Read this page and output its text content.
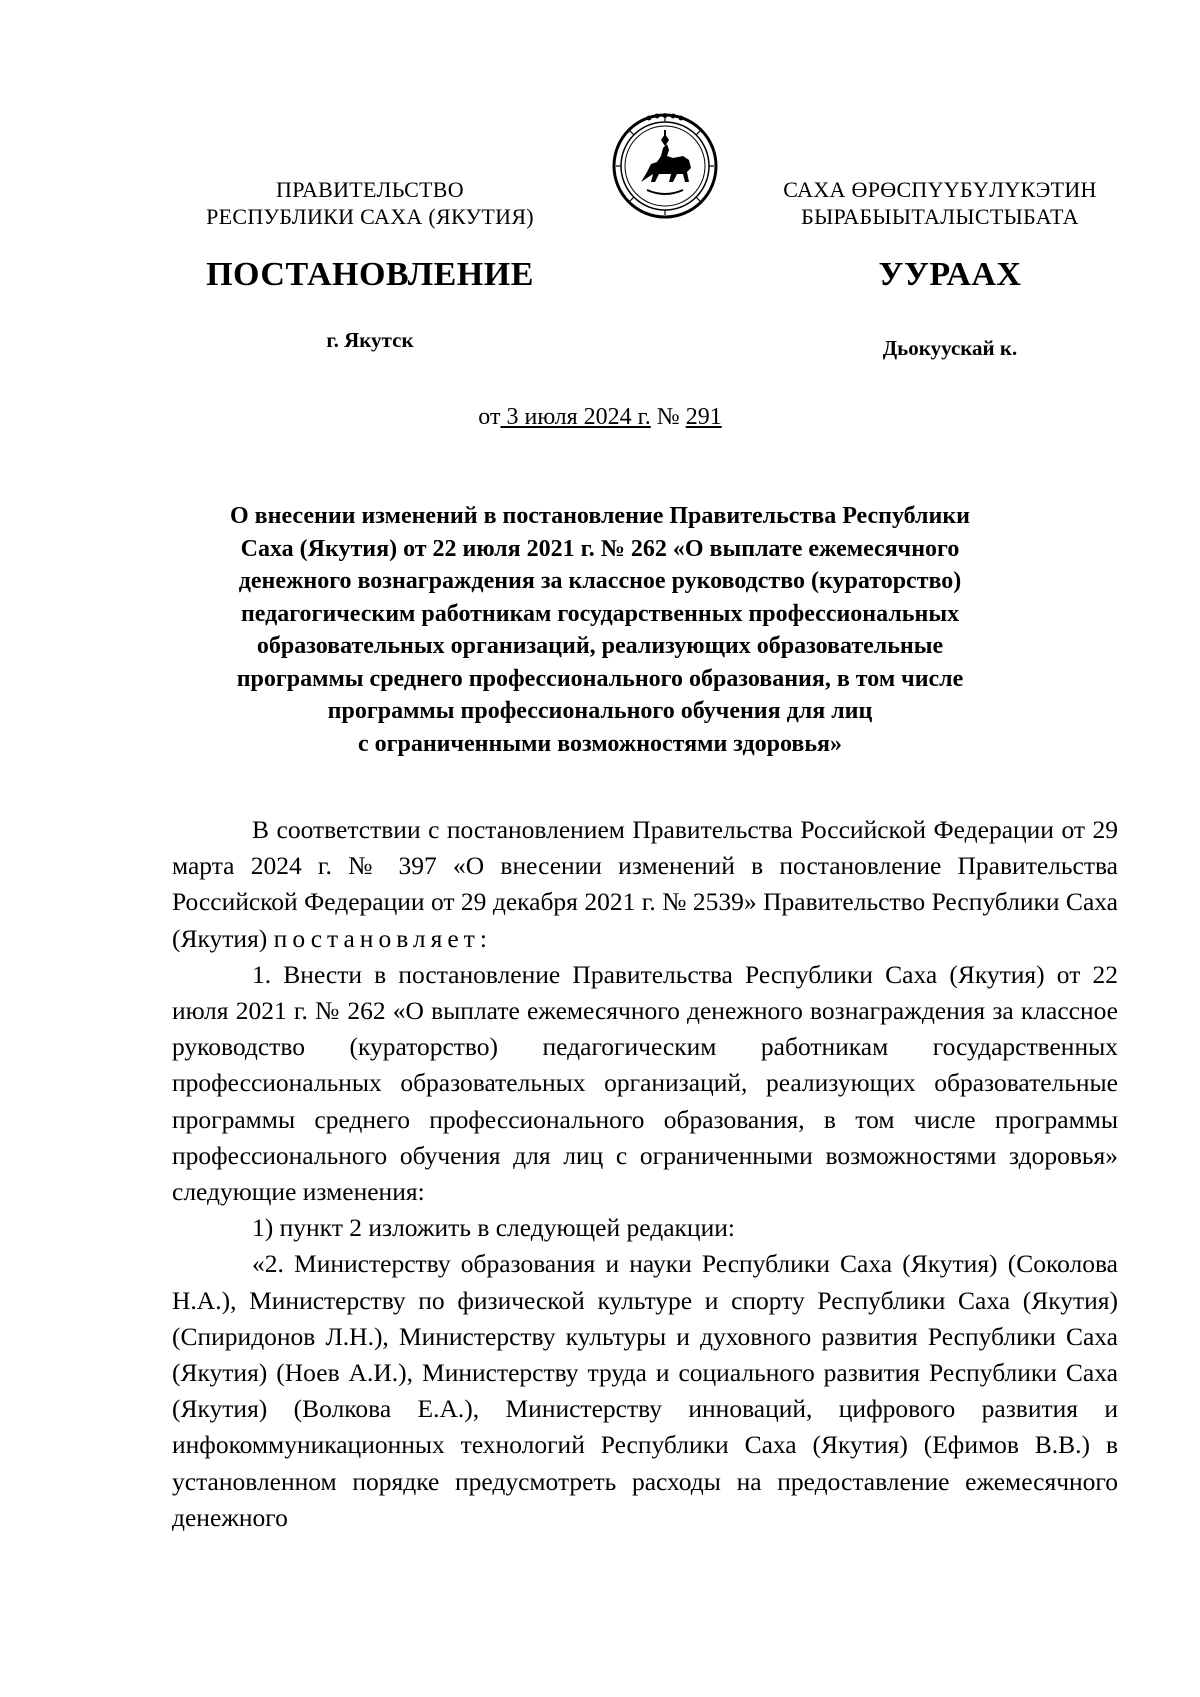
ПРАВИТЕЛЬСТВО
РЕСПУБЛИКИ САХА (ЯКУТИЯ)
САХА ӨРӨСПҮҮБҮЛҮКЭТИН
БЫРАБЫЫТАЛЫСТЫБАТА
ПОСТАНОВЛЕНИЕ	УУРААХ
г. Якутск	Дьокуускай к.
от 3 июля 2024 г. № 291
О внесении изменений в постановление Правительства Республики
Саха (Якутия) от 22 июля 2021 г. № 262 «О выплате ежемесячного
денежного вознаграждения за классное руководство (кураторство)
педагогическим работникам государственных профессиональных
образовательных организаций, реализующих образовательные
программы среднего профессионального образования, в том числе
программы профессионального обучения для лиц
с ограниченными возможностями здоровья»

В соответствии с постановлением Правительства Российской Федерации от 29 марта 2024 г. № 397 «О внесении изменений в постановление Правительства Российской Федерации от 29 декабря 2021 г. № 2539» Правительство Республики Саха (Якутия) постановляет:

1. Внести в постановление Правительства Республики Саха (Якутия) от 22 июля 2021 г. № 262 «О выплате ежемесячного денежного вознаграждения за классное руководство (кураторство) педагогическим работникам государственных профессиональных образовательных организаций, реализующих образовательные программы среднего профессионального образования, в том числе программы профессионального обучения для лиц с ограниченными возможностями здоровья» следующие изменения:

1) пункт 2 изложить в следующей редакции:

«2. Министерству образования и науки Республики Саха (Якутия) (Соколова Н.А.), Министерству по физической культуре и спорту Республики Саха (Якутия) (Спиридонов Л.Н.), Министерству культуры и духовного развития Республики Саха (Якутия) (Ноев А.И.), Министерству труда и социального развития Республики Саха (Якутия) (Волкова Е.А.), Министерству инноваций, цифрового развития и инфокоммуникационных технологий Республики Саха (Якутия) (Ефимов В.В.) в установленном порядке предусмотреть расходы на предоставление ежемесячного денежного
